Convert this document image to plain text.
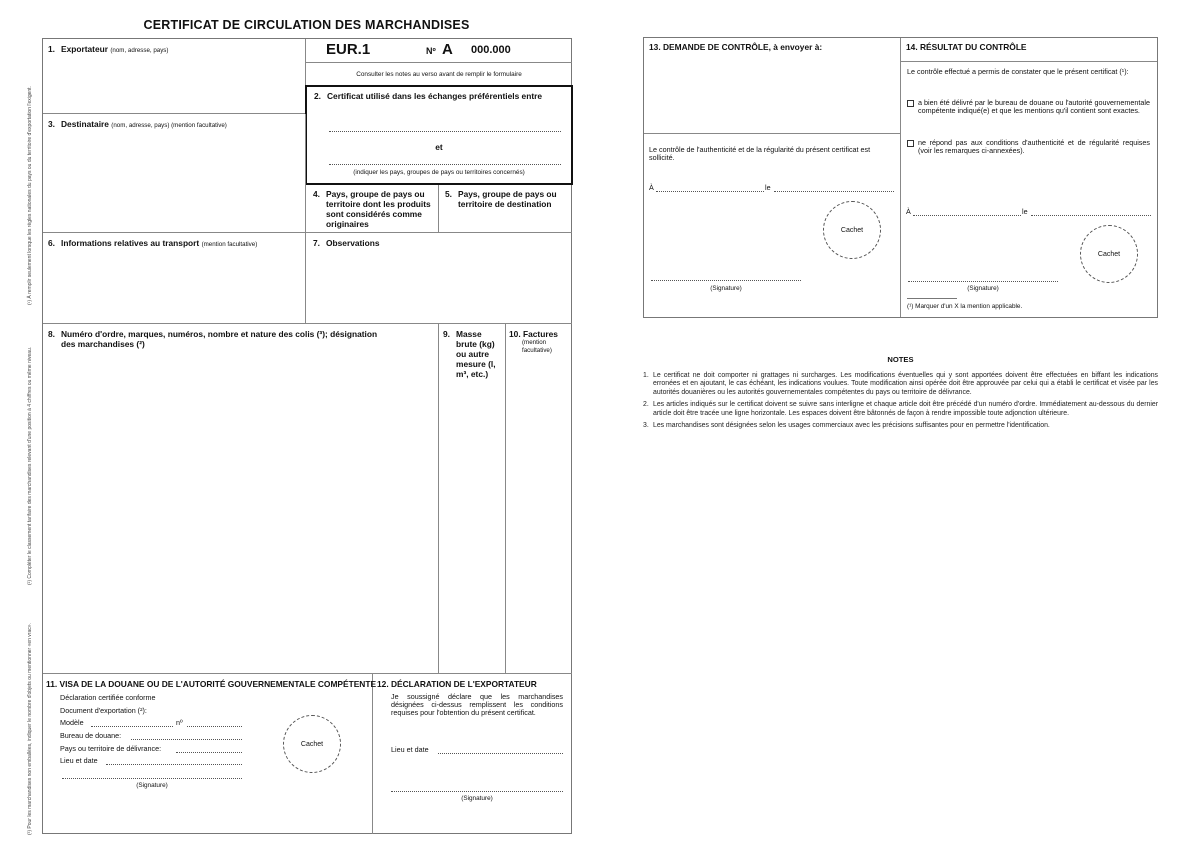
CERTIFICAT DE CIRCULATION DES MARCHANDISES
(¹) À remplir seulement lorsque les règles nationales du pays ou du territoire d'exportation l'exigent.
(²) Compléter le classement tarifaire des marchandises relevant d'une position à 4 chiffres ou même niveau.
(³) Pour les marchandises non emballées, indiquer le nombre d'objets ou mentionner «en vrac».
1. Exportateur (nom, adresse, pays)	EUR.1	Nº A 000.000
Consulter les notes au verso avant de remplir le formulaire
2. Certificat utilisé dans les échanges préférentiels entre
et
(indiquer les pays, groupes de pays ou territoires concernés)
3. Destinataire (nom, adresse, pays) (mention facultative)
4. Pays, groupe de pays ou territoire dont les produits sont considérés comme originaires
5. Pays, groupe de pays ou territoire de destination
6. Informations relatives au transport (mention facultative)	7. Observations
8. Numéro d'ordre, marques, numéros, nombre et nature des colis (³); désignation des marchandises (²)
9. Masse brute (kg) ou autre mesure (l, m³, etc.)
10. Factures
(mention facultative)
11. VISA DE LA DOUANE OU DE L'AUTORITÉ GOUVERNEMENTALE COMPÉTENTE
Déclaration certifiée conforme
Document d'exportation (²):
Modèle	nº
Bureau de douane:
Pays ou territoire de délivrance:
Lieu et date
(Signature)
Cachet
12. DÉCLARATION DE L'EXPORTATEUR
Je soussigné déclare que les marchandises désignées ci-dessus remplissent les conditions requises pour l'obtention du présent certificat.
Lieu et date
(Signature)
13. DEMANDE DE CONTRÔLE, à envoyer à:
Le contrôle de l'authenticité et de la régularité du présent certificat est sollicité.
À	le
Cachet
(Signature)
14. RÉSULTAT DU CONTRÔLE
Le contrôle effectué a permis de constater que le présent certificat (¹):
a bien été délivré par le bureau de douane ou l'autorité gouvernementale compétente indiqué(e) et que les mentions qu'il contient sont exactes.
ne répond pas aux conditions d'authenticité et de régularité requises (voir les remarques ci-annexées).
À	le
Cachet
(Signature)
(¹) Marquer d'un X la mention applicable.
NOTES
1. Le certificat ne doit comporter ni grattages ni surcharges. Les modifications éventuelles qui y sont apportées doivent être effectuées en biffant les indications erronées et en ajoutant, le cas échéant, les indications voulues. Toute modification ainsi opérée doit être approuvée par celui qui a établi le certificat et visée par les autorités douanières ou les autorités gouvernementales compétentes du pays ou territoire de délivrance.
2. Les articles indiqués sur le certificat doivent se suivre sans interligne et chaque article doit être précédé d'un numéro d'ordre. Immédiatement au-dessous du dernier article doit être tracée une ligne horizontale. Les espaces doivent être bâtonnés de façon à rendre impossible toute adjonction ultérieure.
3. Les marchandises sont désignées selon les usages commerciaux avec les précisions suffisantes pour en permettre l'identification.
